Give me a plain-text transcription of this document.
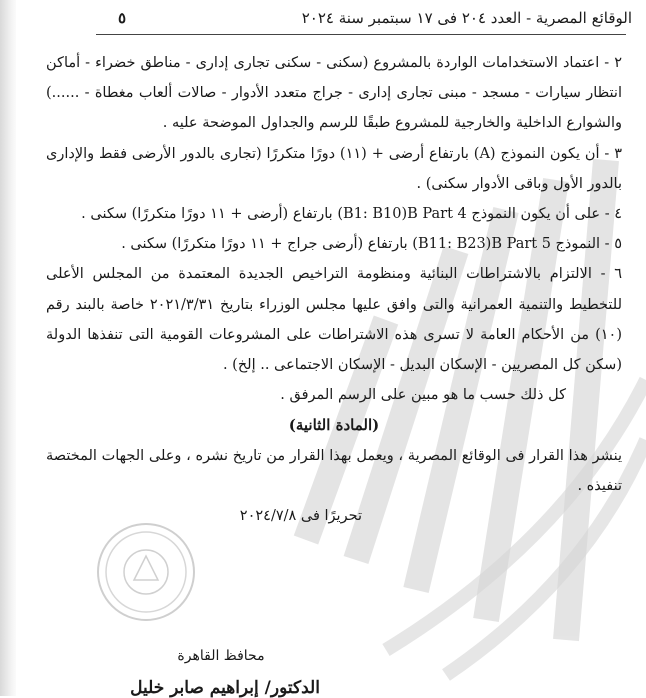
الوقائع المصرية - العدد ٢٠٤ فى ١٧ سبتمبر سنة ٢٠٢٤
٥

٢ - اعتماد الاستخدامات الواردة بالمشروع (سكنى - سكنى تجارى إدارى - مناطق خضراء - أماكن انتظار سيارات - مسجد - مبنى تجارى إدارى - جراج متعدد الأدوار - صالات ألعاب مغطاة - ......) والشوارع الداخلية والخارجية للمشروع طبقًا للرسم والجداول الموضحة عليه .

٣ - أن يكون النموذج (A) بارتفاع أرضى + (١١) دورًا متكررًا (تجارى بالدور الأرضى فقط والإدارى بالدور الأول وباقى الأدوار سكنى) .

٤ - على أن يكون النموذج B1: B10)B Part 4) بارتفاع (أرضى + ١١ دورًا متكررًا) سكنى .

٥ - النموذج B11: B23)B Part 5) بارتفاع (أرضى جراج + ١١ دورًا متكررًا) سكنى .

٦ - الالتزام بالاشتراطات البنائية ومنظومة التراخيص الجديدة المعتمدة من المجلس الأعلى للتخطيط والتنمية العمرانية والتى وافق عليها مجلس الوزراء بتاريخ ٢٠٢١/٣/٣١ خاصة بالبند رقم (١٠) من الأحكام العامة لا تسرى هذه الاشتراطات على المشروعات القومية التى تنفذها الدولة (سكن كل المصريين - الإسكان البديل - الإسكان الاجتماعى .. إلخ) .

كل ذلك حسب ما هو مبين على الرسم المرفق .

(المادة الثانية)

ينشر هذا القرار فى الوقائع المصرية ، ويعمل بهذا القرار من تاريخ نشره ، وعلى الجهات المختصة تنفيذه .

تحريرًا فى ٢٠٢٤/٧/٨

محافظ القاهرة
الدكتور/ إبراهيم صابر خليل
